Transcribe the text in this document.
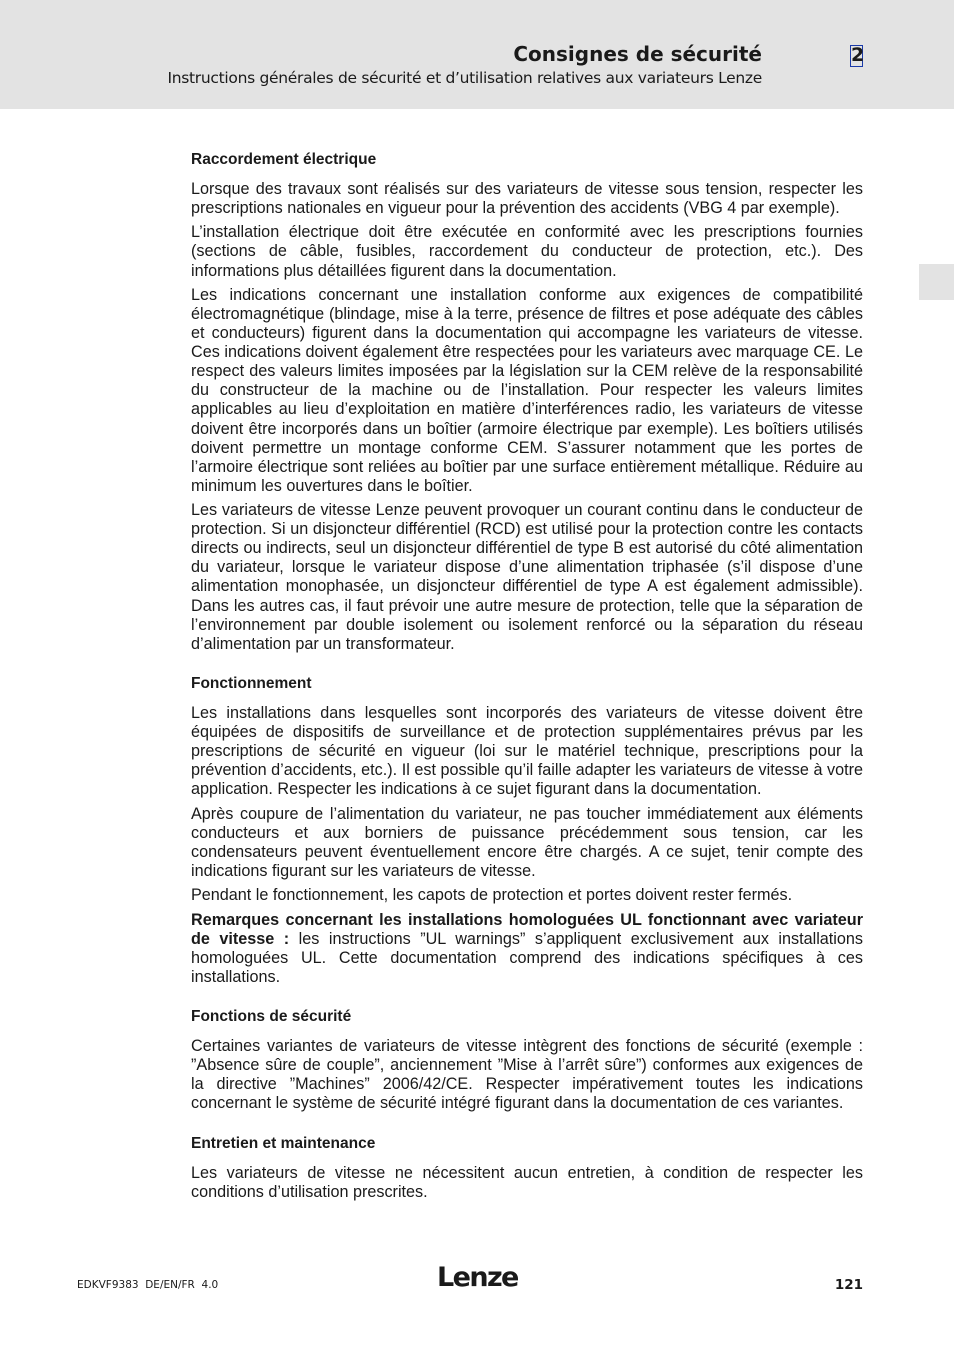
Consignes de sécurité
Instructions générales de sécurité et d’utilisation relatives aux variateurs Lenze
2
Raccordement électrique

Lorsque des travaux sont réalisés sur des variateurs de vitesse sous tension, respecter les prescriptions nationales en vigueur pour la prévention des accidents (VBG 4 par exemple).

L’installation électrique doit être exécutée en conformité avec les prescriptions fournies (sections de câble, fusibles, raccordement du conducteur de protection, etc.). Des informations plus détaillées figurent dans la documentation.

Les indications concernant une installation conforme aux exigences de compatibilité électromagnétique (blindage, mise à la terre, présence de filtres et pose adéquate des câbles et conducteurs) figurent dans la documentation qui accompagne les variateurs de vitesse. Ces indications doivent également être respectées pour les variateurs avec marquage CE. Le respect des valeurs limites imposées par la législation sur la CEM relève de la responsabilité du constructeur de la machine ou de l’installation. Pour respecter les valeurs limites applicables au lieu d’exploitation en matière d’interférences radio, les variateurs de vitesse doivent être incorporés dans un boîtier (armoire électrique par exemple). Les boîtiers utilisés doivent permettre un montage conforme CEM. S’assurer notamment que les portes de l’armoire électrique sont reliées au boîtier par une surface entièrement métallique. Réduire au minimum les ouvertures dans le boîtier.

Les variateurs de vitesse Lenze peuvent provoquer un courant continu dans le conducteur de protection. Si un disjoncteur différentiel (RCD) est utilisé pour la protection contre les contacts directs ou indirects, seul un disjoncteur différentiel de type B est autorisé du côté alimentation du variateur, lorsque le variateur dispose d’une alimentation triphasée (s’il dispose d’une alimentation monophasée, un disjoncteur différentiel de type A est également admissible). Dans les autres cas, il faut prévoir une autre mesure de protection, telle que la séparation de l’environnement par double isolement ou isolement renforcé ou la séparation du réseau d’alimentation par un transformateur.

Fonctionnement

Les installations dans lesquelles sont incorporés des variateurs de vitesse doivent être équipées de dispositifs de surveillance et de protection supplémentaires prévus par les prescriptions de sécurité en vigueur (loi sur le matériel technique, prescriptions pour la prévention d’accidents, etc.). Il est possible qu’il faille adapter les variateurs de vitesse à votre application. Respecter les indications à ce sujet figurant dans la documentation.

Après coupure de l’alimentation du variateur, ne pas toucher immédiatement aux éléments conducteurs et aux borniers de puissance précédemment sous tension, car les condensateurs peuvent éventuellement encore être chargés. A ce sujet, tenir compte des indications figurant sur les variateurs de vitesse.

Pendant le fonctionnement, les capots de protection et portes doivent rester fermés.

Remarques concernant les installations homologuées UL fonctionnant avec variateur de vitesse : les instructions ”UL warnings” s’appliquent exclusivement aux installations homologuées UL. Cette documentation comprend des indications spécifiques à ces installations.

Fonctions de sécurité

Certaines variantes de variateurs de vitesse intègrent des fonctions de sécurité (exemple : ”Absence sûre de couple”, anciennement ”Mise à l’arrêt sûre”) conformes aux exigences de la directive ”Machines” 2006/42/CE. Respecter impérativement toutes les indications concernant le système de sécurité intégré figurant dans la documentation de ces variantes.

Entretien et maintenance

Les variateurs de vitesse ne nécessitent aucun entretien, à condition de respecter les conditions d’utilisation prescrites.

EDKVF9383  DE/EN/FR  4.0	Lenze	121
